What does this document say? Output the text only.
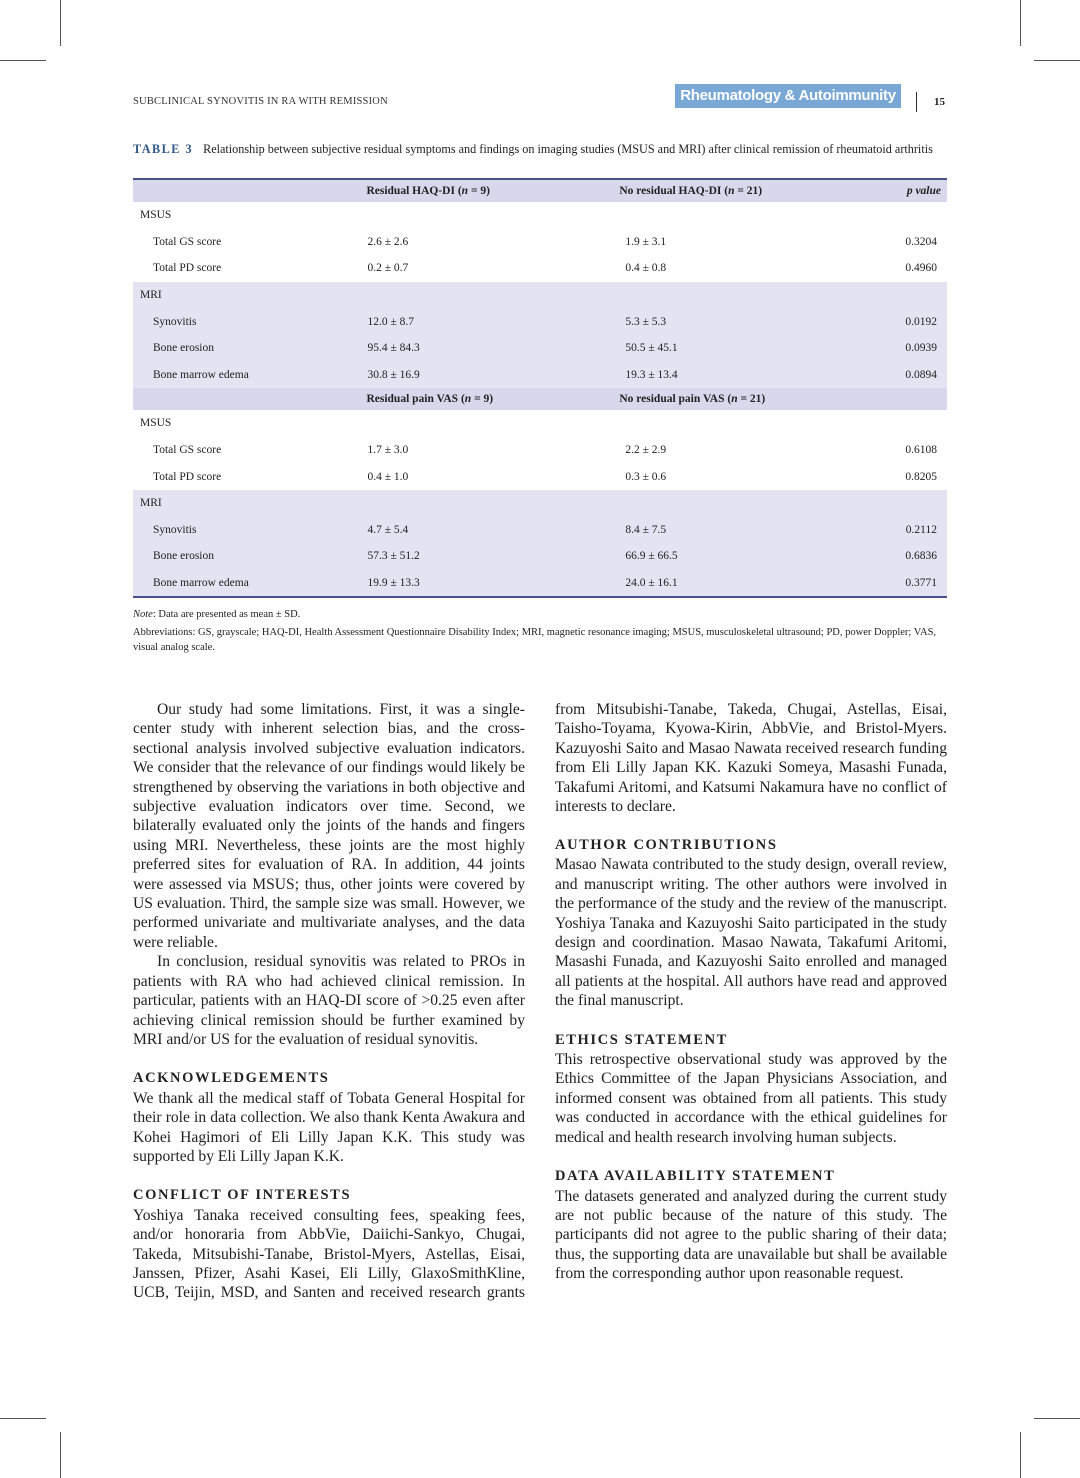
SUBCLINICAL SYNOVITIS IN RA WITH REMISSION	Rheumatology & Autoimmunity	15
TABLE 3 Relationship between subjective residual symptoms and findings on imaging studies (MSUS and MRI) after clinical remission of rheumatoid arthritis
	Residual HAQ-DI (n = 9)	No residual HAQ-DI (n = 21)	p value
MSUS			
Total GS score	2.6 ± 2.6	1.9 ± 3.1	0.3204
Total PD score	0.2 ± 0.7	0.4 ± 0.8	0.4960
MRI			
Synovitis	12.0 ± 8.7	5.3 ± 5.3	0.0192
Bone erosion	95.4 ± 84.3	50.5 ± 45.1	0.0939
Bone marrow edema	30.8 ± 16.9	19.3 ± 13.4	0.0894
	Residual pain VAS (n = 9)	No residual pain VAS (n = 21)	
MSUS			
Total GS score	1.7 ± 3.0	2.2 ± 2.9	0.6108
Total PD score	0.4 ± 1.0	0.3 ± 0.6	0.8205
MRI			
Synovitis	4.7 ± 5.4	8.4 ± 7.5	0.2112
Bone erosion	57.3 ± 51.2	66.9 ± 66.5	0.6836
Bone marrow edema	19.9 ± 13.3	24.0 ± 16.1	0.3771
Note: Data are presented as mean ± SD.
Abbreviations: GS, grayscale; HAQ-DI, Health Assessment Questionnaire Disability Index; MRI, magnetic resonance imaging; MSUS, musculoskeletal ultrasound; PD, power Doppler; VAS, visual analog scale.

Our study had some limitations. First, it was a single-center study with inherent selection bias, and the cross-sectional analysis involved subjective evaluation indicators. We consider that the relevance of our findings would likely be strengthened by observing the variations in both objective and subjective evaluation indicators over time. Second, we bilaterally evaluated only the joints of the hands and fingers using MRI. Nevertheless, these joints are the most highly preferred sites for evaluation of RA. In addition, 44 joints were assessed via MSUS; thus, other joints were covered by US evaluation. Third, the sample size was small. However, we performed univariate and multivariate analyses, and the data were reliable.

In conclusion, residual synovitis was related to PROs in patients with RA who had achieved clinical remission. In particular, patients with an HAQ-DI score of >0.25 even after achieving clinical remission should be further examined by MRI and/or US for the evaluation of residual synovitis.

ACKNOWLEDGEMENTS

We thank all the medical staff of Tobata General Hospital for their role in data collection. We also thank Kenta Awakura and Kohei Hagimori of Eli Lilly Japan K.K. This study was supported by Eli Lilly Japan K.K.

CONFLICT OF INTERESTS

Yoshiya Tanaka received consulting fees, speaking fees, and/or honoraria from AbbVie, Daiichi-Sankyo, Chugai, Takeda, Mitsubishi-Tanabe, Bristol-Myers, Astellas, Eisai, Janssen, Pfizer, Asahi Kasei, Eli Lilly, GlaxoSmithKline, UCB, Teijin, MSD, and Santen and received research grants

from Mitsubishi-Tanabe, Takeda, Chugai, Astellas, Eisai, Taisho-Toyama, Kyowa-Kirin, AbbVie, and Bristol-Myers. Kazuyoshi Saito and Masao Nawata received research funding from Eli Lilly Japan KK. Kazuki Someya, Masashi Funada, Takafumi Aritomi, and Katsumi Nakamura have no conflict of interests to declare.

AUTHOR CONTRIBUTIONS

Masao Nawata contributed to the study design, overall review, and manuscript writing. The other authors were involved in the performance of the study and the review of the manuscript. Yoshiya Tanaka and Kazuyoshi Saito participated in the study design and coordination. Masao Nawata, Takafumi Aritomi, Masashi Funada, and Kazuyoshi Saito enrolled and managed all patients at the hospital. All authors have read and approved the final manuscript.

ETHICS STATEMENT

This retrospective observational study was approved by the Ethics Committee of the Japan Physicians Association, and informed consent was obtained from all patients. This study was conducted in accordance with the ethical guidelines for medical and health research involving human subjects.

DATA AVAILABILITY STATEMENT

The datasets generated and analyzed during the current study are not public because of the nature of this study. The participants did not agree to the public sharing of their data; thus, the supporting data are unavailable but shall be available from the corresponding author upon reasonable request.
